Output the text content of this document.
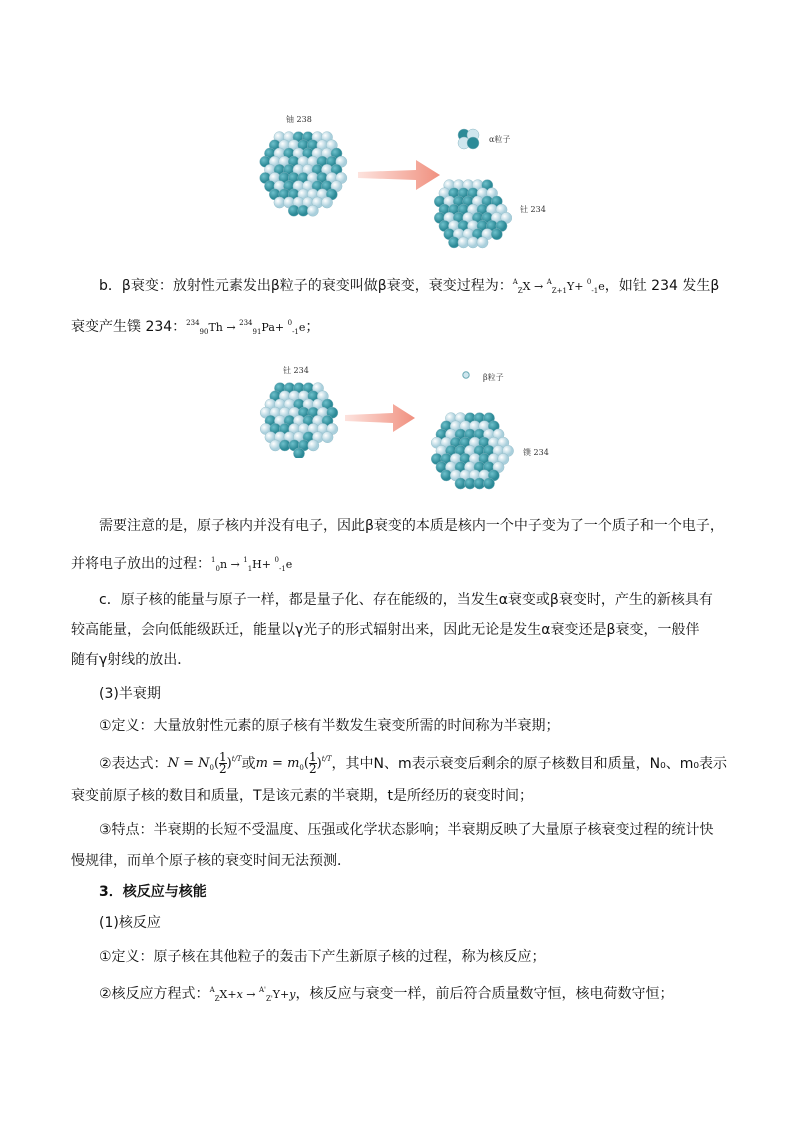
铀 238
α粒子
钍 234
b．β衰变：放射性元素发出β粒子的衰变叫做β衰变，衰变过程为：$^A_Z$X → $^A_{Z+1}$Y+ $^0_{-1}$e，如钍 234 发生β
衰变产生镤 234：$^{234}_{90}$Th → $^{234}_{91}$Pa+ $^0_{-1}$e；
钍 234
β粒子
镤 234
需要注意的是，原子核内并没有电子，因此β衰变的本质是核内一个中子变为了一个质子和一个电子，
并将电子放出的过程：$^1_0$n → $^1_1$H+ $^0_{-1}$e
c．原子核的能量与原子一样，都是量子化、存在能级的，当发生α衰变或β衰变时，产生的新核具有
较高能量，会向低能级跃迁，能量以γ光子的形式辐射出来，因此无论是发生α衰变还是β衰变，一般伴
随有γ射线的放出．
(3)半衰期
①定义：大量放射性元素的原子核有半数发生衰变所需的时间称为半衰期；
②表达式： $N = N_0( \frac{1}{2} )^{t/T}$ 或 $m = m_0( \frac{1}{2} )^{t/T}$ ，其中N、m表示衰变后剩余的原子核数目和质量，N₀、m₀表示
衰变前原子核的数目和质量，T是该元素的半衰期，t是所经历的衰变时间；
③特点：半衰期的长短不受温度、压强或化学状态影响；半衰期反映了大量原子核衰变过程的统计快
慢规律，而单个原子核的衰变时间无法预测．
3．核反应与核能
(1)核反应
①定义：原子核在其他粒子的轰击下产生新原子核的过程，称为核反应；
②核反应方程式：$^A_Z$X+x → $^{A'}_{Z'}$Y+y，核反应与衰变一样，前后符合质量数守恒，核电荷数守恒；
